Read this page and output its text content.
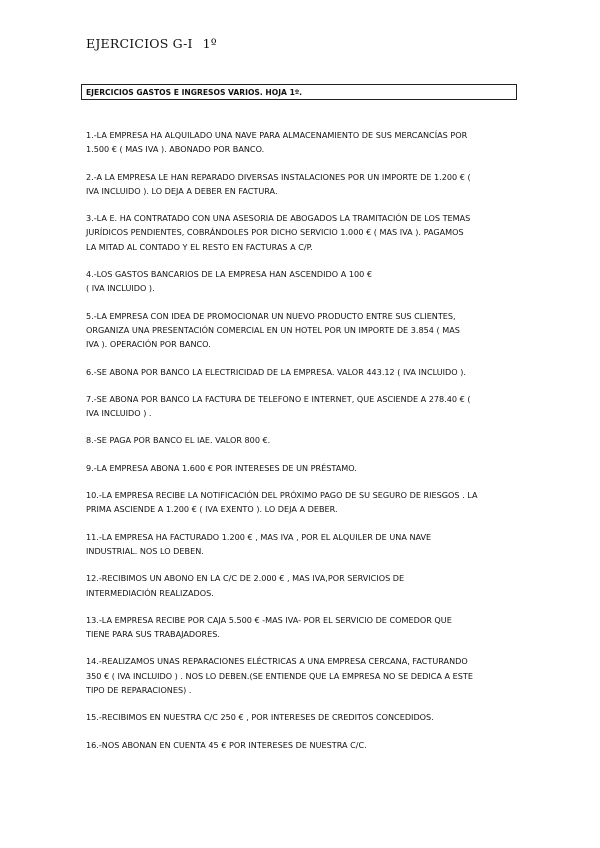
EJERCICIOS G-I 1º
EJERCICIOS GASTOS E INGRESOS VARIOS. HOJA 1º.

1.-LA EMPRESA HA ALQUILADO UNA NAVE PARA ALMACENAMIENTO DE SUS MERCANCÍAS POR
1.500 € ( MAS IVA ). ABONADO POR BANCO.

2.-A LA EMPRESA LE HAN REPARADO DIVERSAS INSTALACIONES POR UN IMPORTE DE 1.200 € (
IVA INCLUIDO ). LO DEJA A DEBER EN FACTURA.

3.-LA E. HA CONTRATADO CON UNA ASESORIA DE ABOGADOS LA TRAMITACIÓN DE LOS TEMAS
JURÍDICOS PENDIENTES, COBRÁNDOLES POR DICHO SERVICIO 1.000 € ( MAS IVA ). PAGAMOS
LA MITAD AL CONTADO Y EL RESTO EN FACTURAS A C/P.

4.-LOS GASTOS BANCARIOS DE LA EMPRESA HAN ASCENDIDO A 100 €
( IVA INCLUIDO ).

5.-LA EMPRESA CON IDEA DE PROMOCIONAR UN NUEVO PRODUCTO ENTRE SUS CLIENTES,
ORGANIZA UNA PRESENTACIÓN COMERCIAL EN UN HOTEL POR UN IMPORTE DE 3.854 ( MAS
IVA ). OPERACIÓN POR BANCO.

6.-SE ABONA POR BANCO LA ELECTRICIDAD DE LA EMPRESA. VALOR 443.12 ( IVA INCLUIDO ).

7.-SE ABONA POR BANCO LA FACTURA DE TELEFONO E INTERNET, QUE ASCIENDE A 278.40 € (
IVA INCLUIDO ) .

8.-SE PAGA POR BANCO EL IAE. VALOR 800 €.

9.-LA EMPRESA ABONA 1.600 € POR INTERESES DE UN PRÉSTAMO.

10.-LA EMPRESA RECIBE LA NOTIFICACIÓN DEL PRÓXIMO PAGO DE SU SEGURO DE RIESGOS . LA
PRIMA ASCIENDE A 1.200 € ( IVA EXENTO ). LO DEJA A DEBER.

11.-LA EMPRESA HA FACTURADO 1.200 € , MAS IVA , POR EL ALQUILER DE UNA NAVE
INDUSTRIAL. NOS LO DEBEN.

12.-RECIBIMOS UN ABONO EN LA C/C DE 2.000 € , MAS IVA,POR SERVICIOS DE
INTERMEDIACIÓN REALIZADOS.

13.-LA EMPRESA RECIBE POR CAJA 5.500 € -MAS IVA- POR EL SERVICIO DE COMEDOR QUE
TIENE PARA SUS TRABAJADORES.

14.-REALIZAMOS UNAS REPARACIONES ELÉCTRICAS A UNA EMPRESA CERCANA, FACTURANDO
350 € ( IVA INCLUIDO ) . NOS LO DEBEN.(SE ENTIENDE QUE LA EMPRESA NO SE DEDICA A ESTE
TIPO DE REPARACIONES) .

15.-RECIBIMOS EN NUESTRA C/C 250 € , POR INTERESES DE CREDITOS CONCEDIDOS.

16.-NOS ABONAN EN CUENTA 45 € POR INTERESES DE NUESTRA C/C.
